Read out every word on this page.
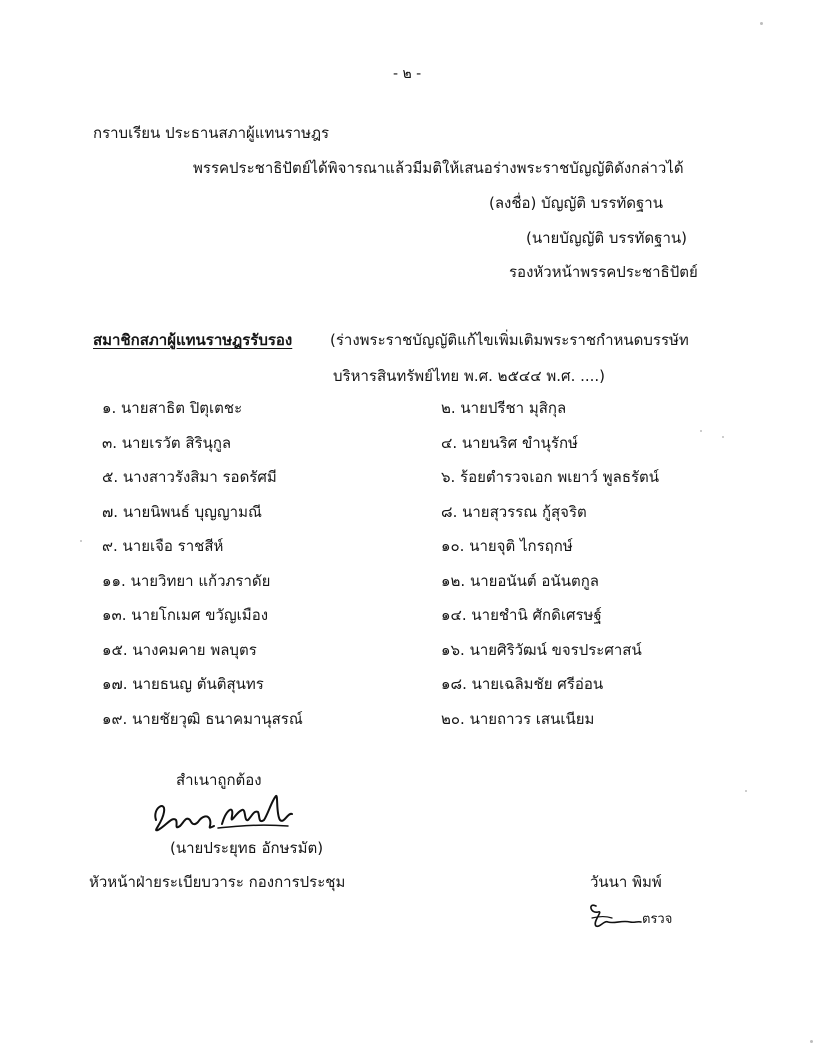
- ๒ -
กราบเรียน ประธานสภาผู้แทนราษฎร
พรรคประชาธิปัตย์ได้พิจารณาแล้วมีมติให้เสนอร่างพระราชบัญญัติดังกล่าวได้
(ลงชื่อ) บัญญัติ บรรทัดฐาน
(นายบัญญัติ บรรทัดฐาน)
รองหัวหน้าพรรคประชาธิปัตย์
สมาชิกสภาผู้แทนราษฎรรับรอง	(ร่างพระราชบัญญัติแก้ไขเพิ่มเติมพระราชกำหนดบรรษัท
บริหารสินทรัพย์ไทย พ.ศ. ๒๕๔๔ พ.ศ. ....)
๑. นายสาธิต ปิตุเตชะ
๓. นายเรวัต สิรินุกูล
๕. นางสาวรังสิมา รอดรัศมี
๗. นายนิพนธ์ บุญญามณี
๙. นายเจือ ราชสีห์
๑๑. นายวิทยา แก้วภราดัย
๑๓. นายโกเมศ ขวัญเมือง
๑๕. นางคมคาย พลบุตร
๑๗. นายธนญ ตันติสุนทร
๑๙. นายชัยวุฒิ ธนาคมานุสรณ์
๒. นายปรีชา มุสิกุล
๔. นายนริศ ขำนุรักษ์
๖. ร้อยตำรวจเอก พเยาว์ พูลธรัตน์
๘. นายสุวรรณ กู้สุจริต
๑๐. นายจุติ ไกรฤกษ์
๑๒. นายอนันต์ อนันตกูล
๑๔. นายชำนิ ศักดิเศรษฐ์
๑๖. นายศิริวัฒน์ ขจรประศาสน์
๑๘. นายเฉลิมชัย ศรีอ่อน
๒๐. นายถาวร เสนเนียม
สำเนาถูกต้อง
(นายประยุทธ อักษรมัต)
หัวหน้าฝ่ายระเบียบวาระ กองการประชุม	วันนา พิมพ์
ตรวจ
